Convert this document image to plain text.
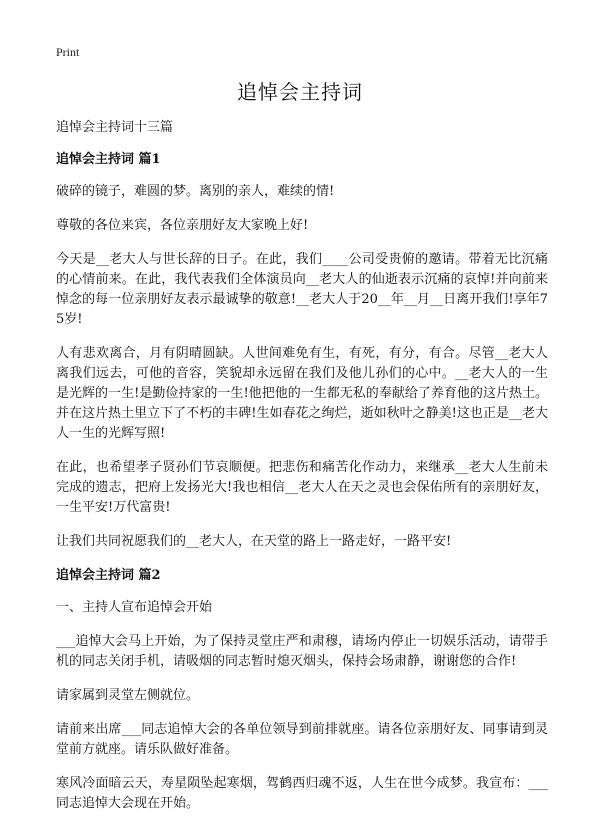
Print
追悼会主持词

追悼会主持词十三篇

追悼会主持词 篇1

破碎的镜子，难圆的梦。离别的亲人，难续的情!

尊敬的各位来宾，各位亲朋好友大家晚上好!

今天是__老大人与世长辞的日子。在此，我们____公司受贵俯的邀请。带着无比沉痛的心情前来。在此，我代表我们全体演员向__老大人的仙逝表示沉痛的哀悼!并向前来悼念的每一位亲朋好友表示最诚挚的敬意!__老大人于20__年__月__日离开我们!享年75岁!

人有悲欢离合，月有阴晴圆缺。人世间难免有生，有死，有分，有合。尽管__老大人离我们远去，可他的音容，笑貌却永远留在我们及他儿孙们的心中。__老大人的一生是光辉的一生!是勤俭持家的一生!他把他的一生都无私的奉献给了养育他的这片热土。并在这片热土里立下了不朽的丰碑!生如春花之绚烂，逝如秋叶之静美!这也正是__老大人一生的光辉写照!

在此，也希望孝子贤孙们节哀顺便。把悲伤和痛苦化作动力，来继承__老大人生前未完成的遗志，把府上发扬光大!我也相信__老大人在天之灵也会保佑所有的亲朋好友，一生平安!万代富贵!

让我们共同祝愿我们的__老大人，在天堂的路上一路走好，一路平安!

追悼会主持词 篇2

一、主持人宣布追悼会开始

___追悼大会马上开始，为了保持灵堂庄严和肃穆，请场内停止一切娱乐活动，请带手机的同志关闭手机，请吸烟的同志暂时熄灭烟头，保持会场肃静，谢谢您的合作!

请家属到灵堂左侧就位。

请前来出席___同志追悼大会的各单位领导到前排就座。请各位亲朋好友、同事请到灵堂前方就座。请乐队做好准备。

寒风冷面暗云天，寿星陨坠起寒烟，驾鹤西归魂不返，人生在世今成梦。我宣布：___同志追悼大会现在开始。
